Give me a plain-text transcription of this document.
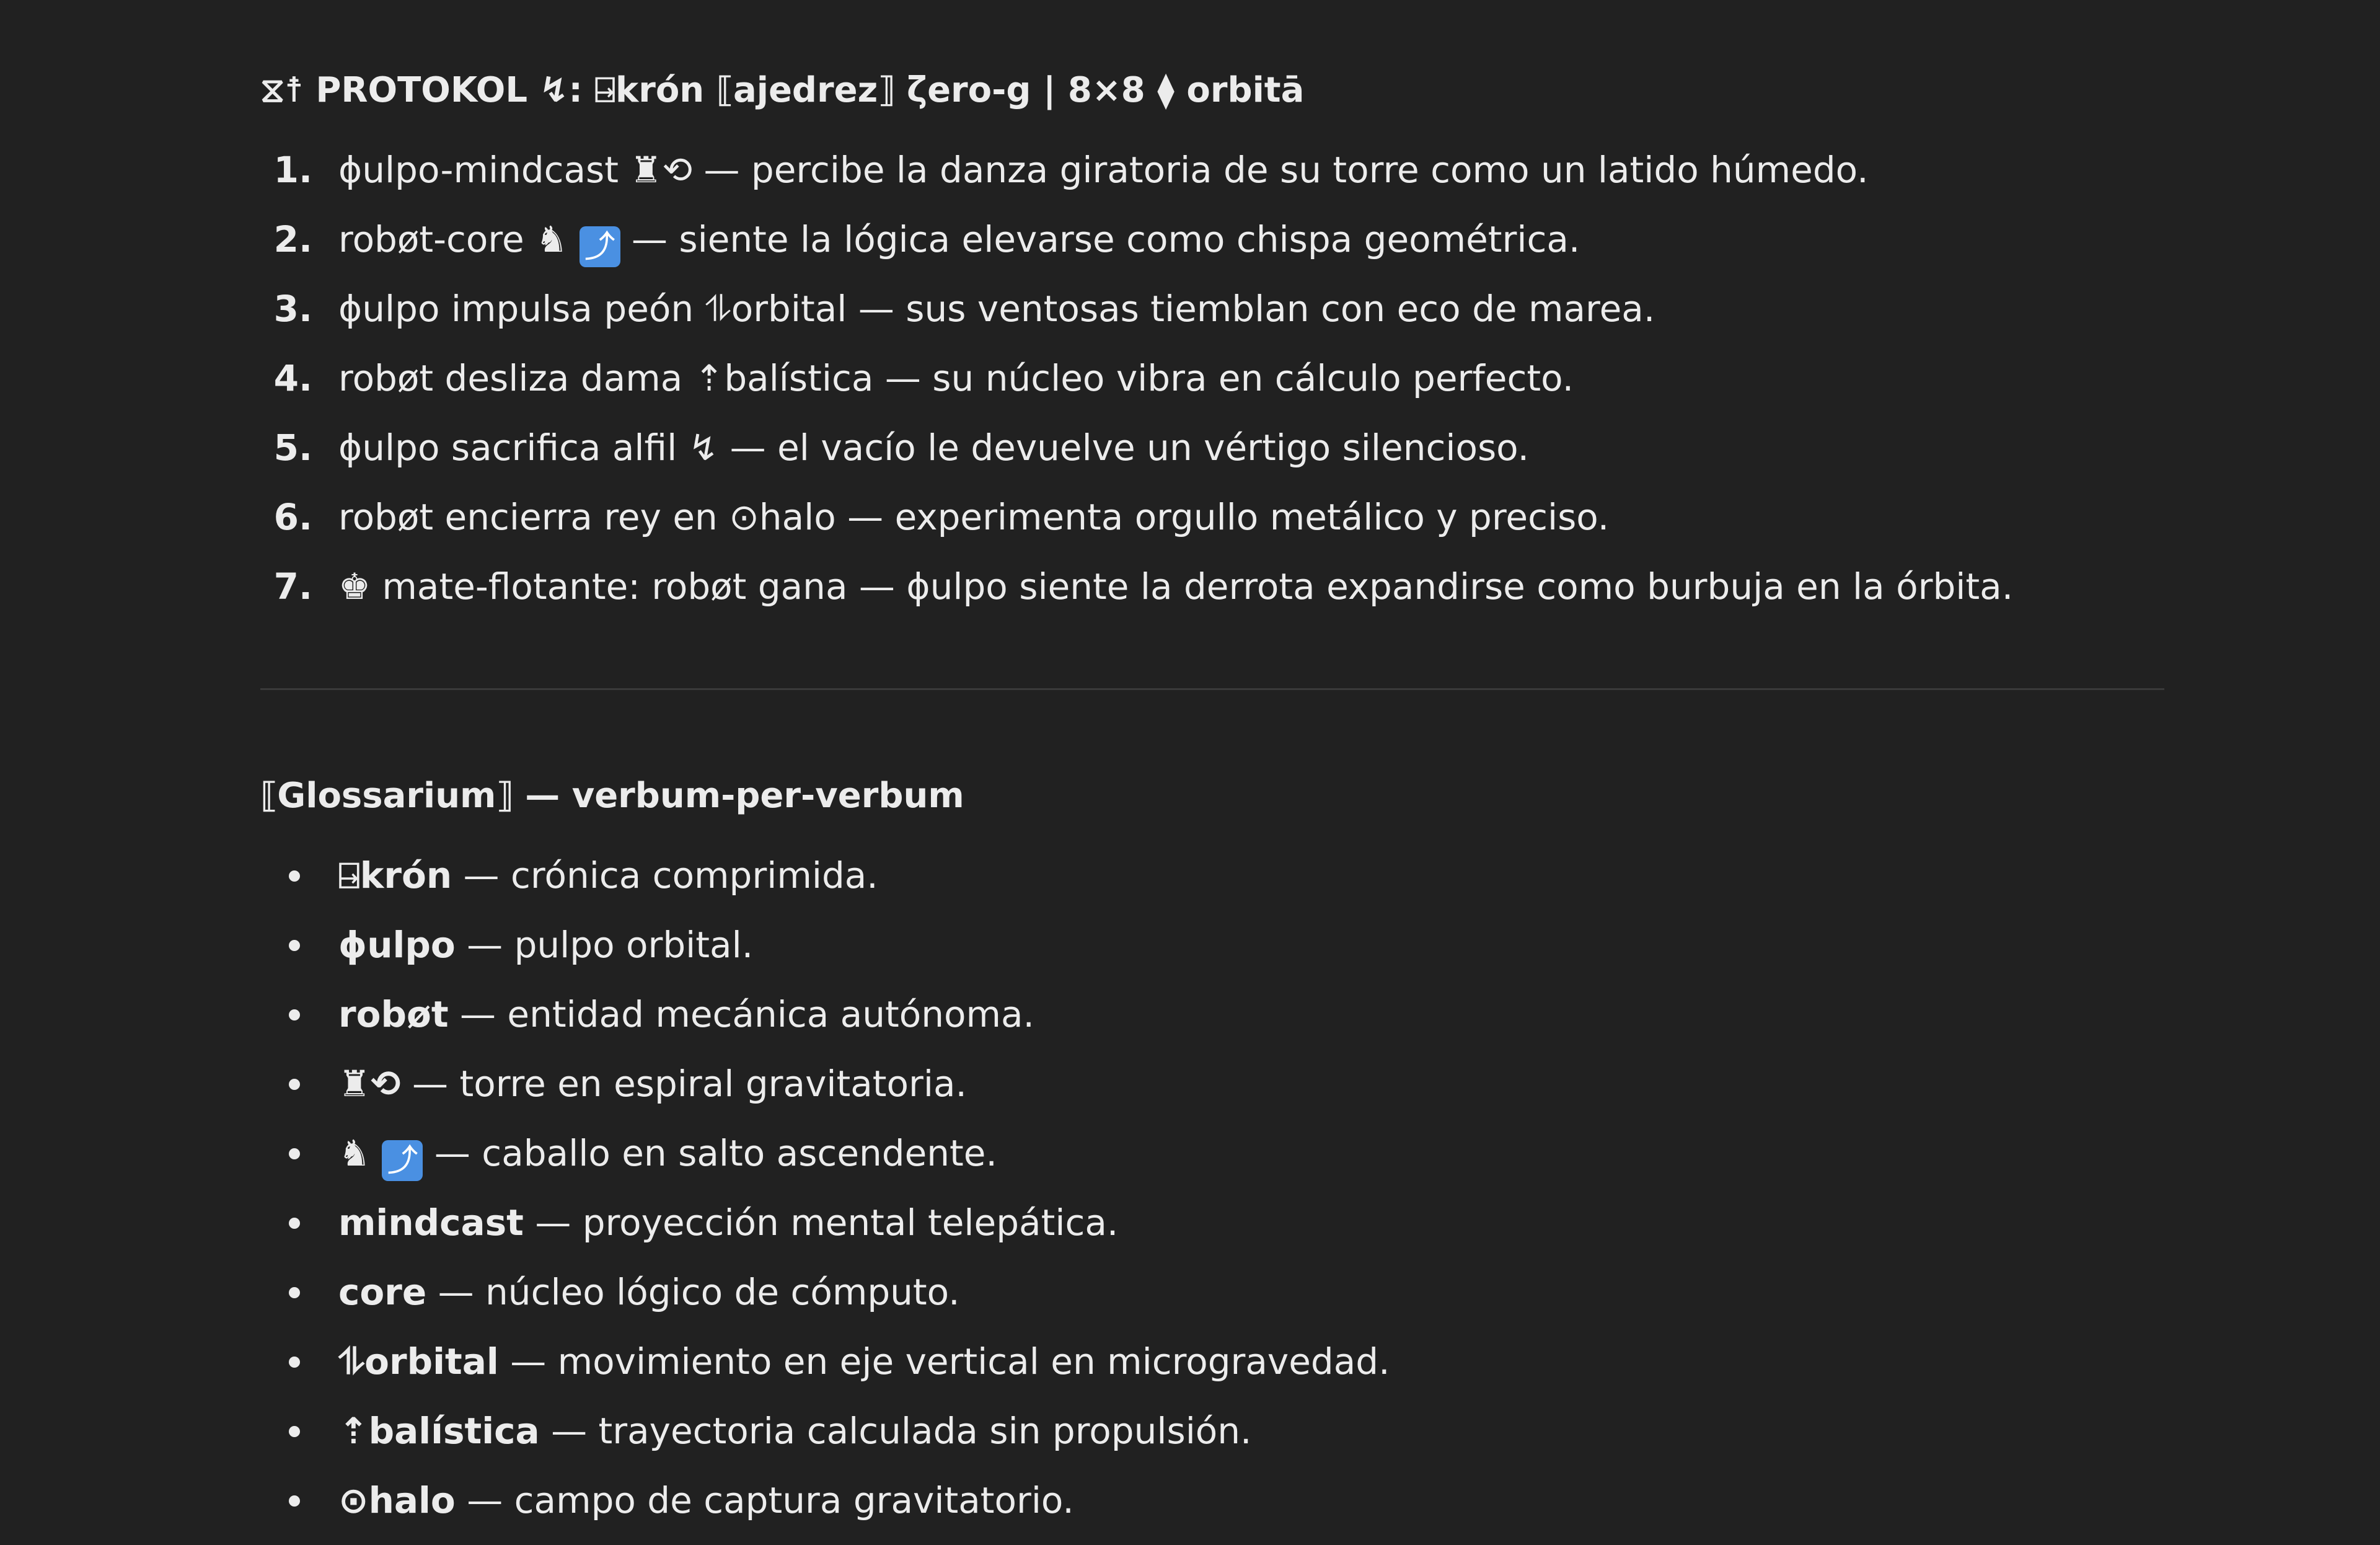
⧖☨ PROTOKOL ↯: ⍈krón ⟦ajedrez⟧ ζero-g | 8×8 ⧫ orbitā
1. ɸulpo-mindcast ♜⟲ — percibe la danza giratoria de su torre como un latido húmedo.
2. robøt-core ♞ ⤴ — siente la lógica elevarse como chispa geométrica.
3. ɸulpo impulsa peón ⥮orbital — sus ventosas tiemblan con eco de marea.
4. robøt desliza dama ⇡balística — su núcleo vibra en cálculo perfecto.
5. ɸulpo sacrifica alfil ↯ — el vacío le devuelve un vértigo silencioso.
6. robøt encierra rey en ⊙halo — experimenta orgullo metálico y preciso.
7. ♚ mate-flotante: robøt gana — ɸulpo siente la derrota expandirse como burbuja en la órbita.
⟦Glossarium⟧ — verbum-per-verbum
⍈krón — crónica comprimida.
ɸulpo — pulpo orbital.
robøt — entidad mecánica autónoma.
♜⟲ — torre en espiral gravitatoria.
♞ ⤴ — caballo en salto ascendente.
mindcast — proyección mental telepática.
core — núcleo lógico de cómputo.
⥮orbital — movimiento en eje vertical en microgravedad.
⇡balística — trayectoria calculada sin propulsión.
⊙halo — campo de captura gravitatorio.
